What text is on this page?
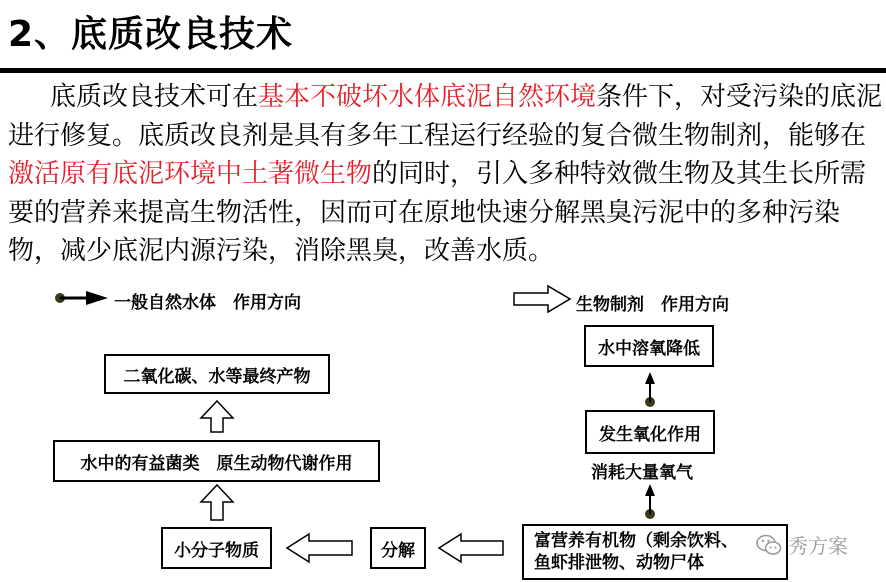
2、底质改良技术
底质改良技术可在基本不破坏水体底泥自然环境条件下，对受污染的底泥进行修复。底质改良剂是具有多年工程运行经验的复合微生物制剂，能够在激活原有底泥环境中土著微生物的同时，引入多种特效微生物及其生长所需要的营养来提高生物活性，因而可在原地快速分解黑臭污泥中的多种污染物，减少底泥内源污染，消除黑臭，改善水质。
一般自然水体　作用方向	生物制剂　作用方向
二氧化碳、水等最终产物
水中的有益菌类　原生动物代谢作用
小分子物质	分解	富营养有机物（剩余饮料、
鱼虾排泄物、动物尸体
发生氧化作用
水中溶氧降低
消耗大量氧气
秀方案
